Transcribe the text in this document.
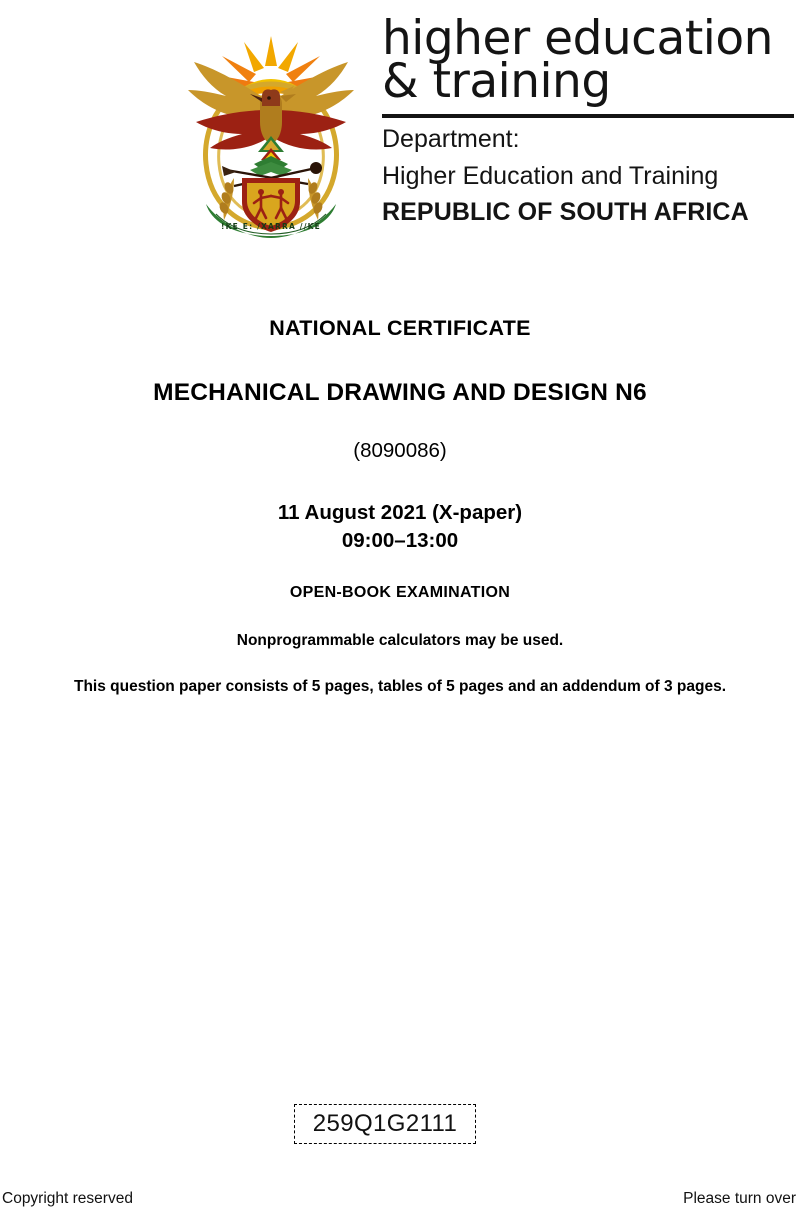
!KE E: /XARRA //KE
higher education
& training
Department:
Higher Education and Training
REPUBLIC OF SOUTH AFRICA
NATIONAL CERTIFICATE
MECHANICAL DRAWING AND DESIGN N6
(8090086)
11 August 2021 (X-paper)
09:00–13:00
OPEN-BOOK EXAMINATION
Nonprogrammable calculators may be used.
This question paper consists of 5 pages, tables of 5 pages and an addendum of 3 pages.
259Q1G2111
Copyright reserved	Please turn over
